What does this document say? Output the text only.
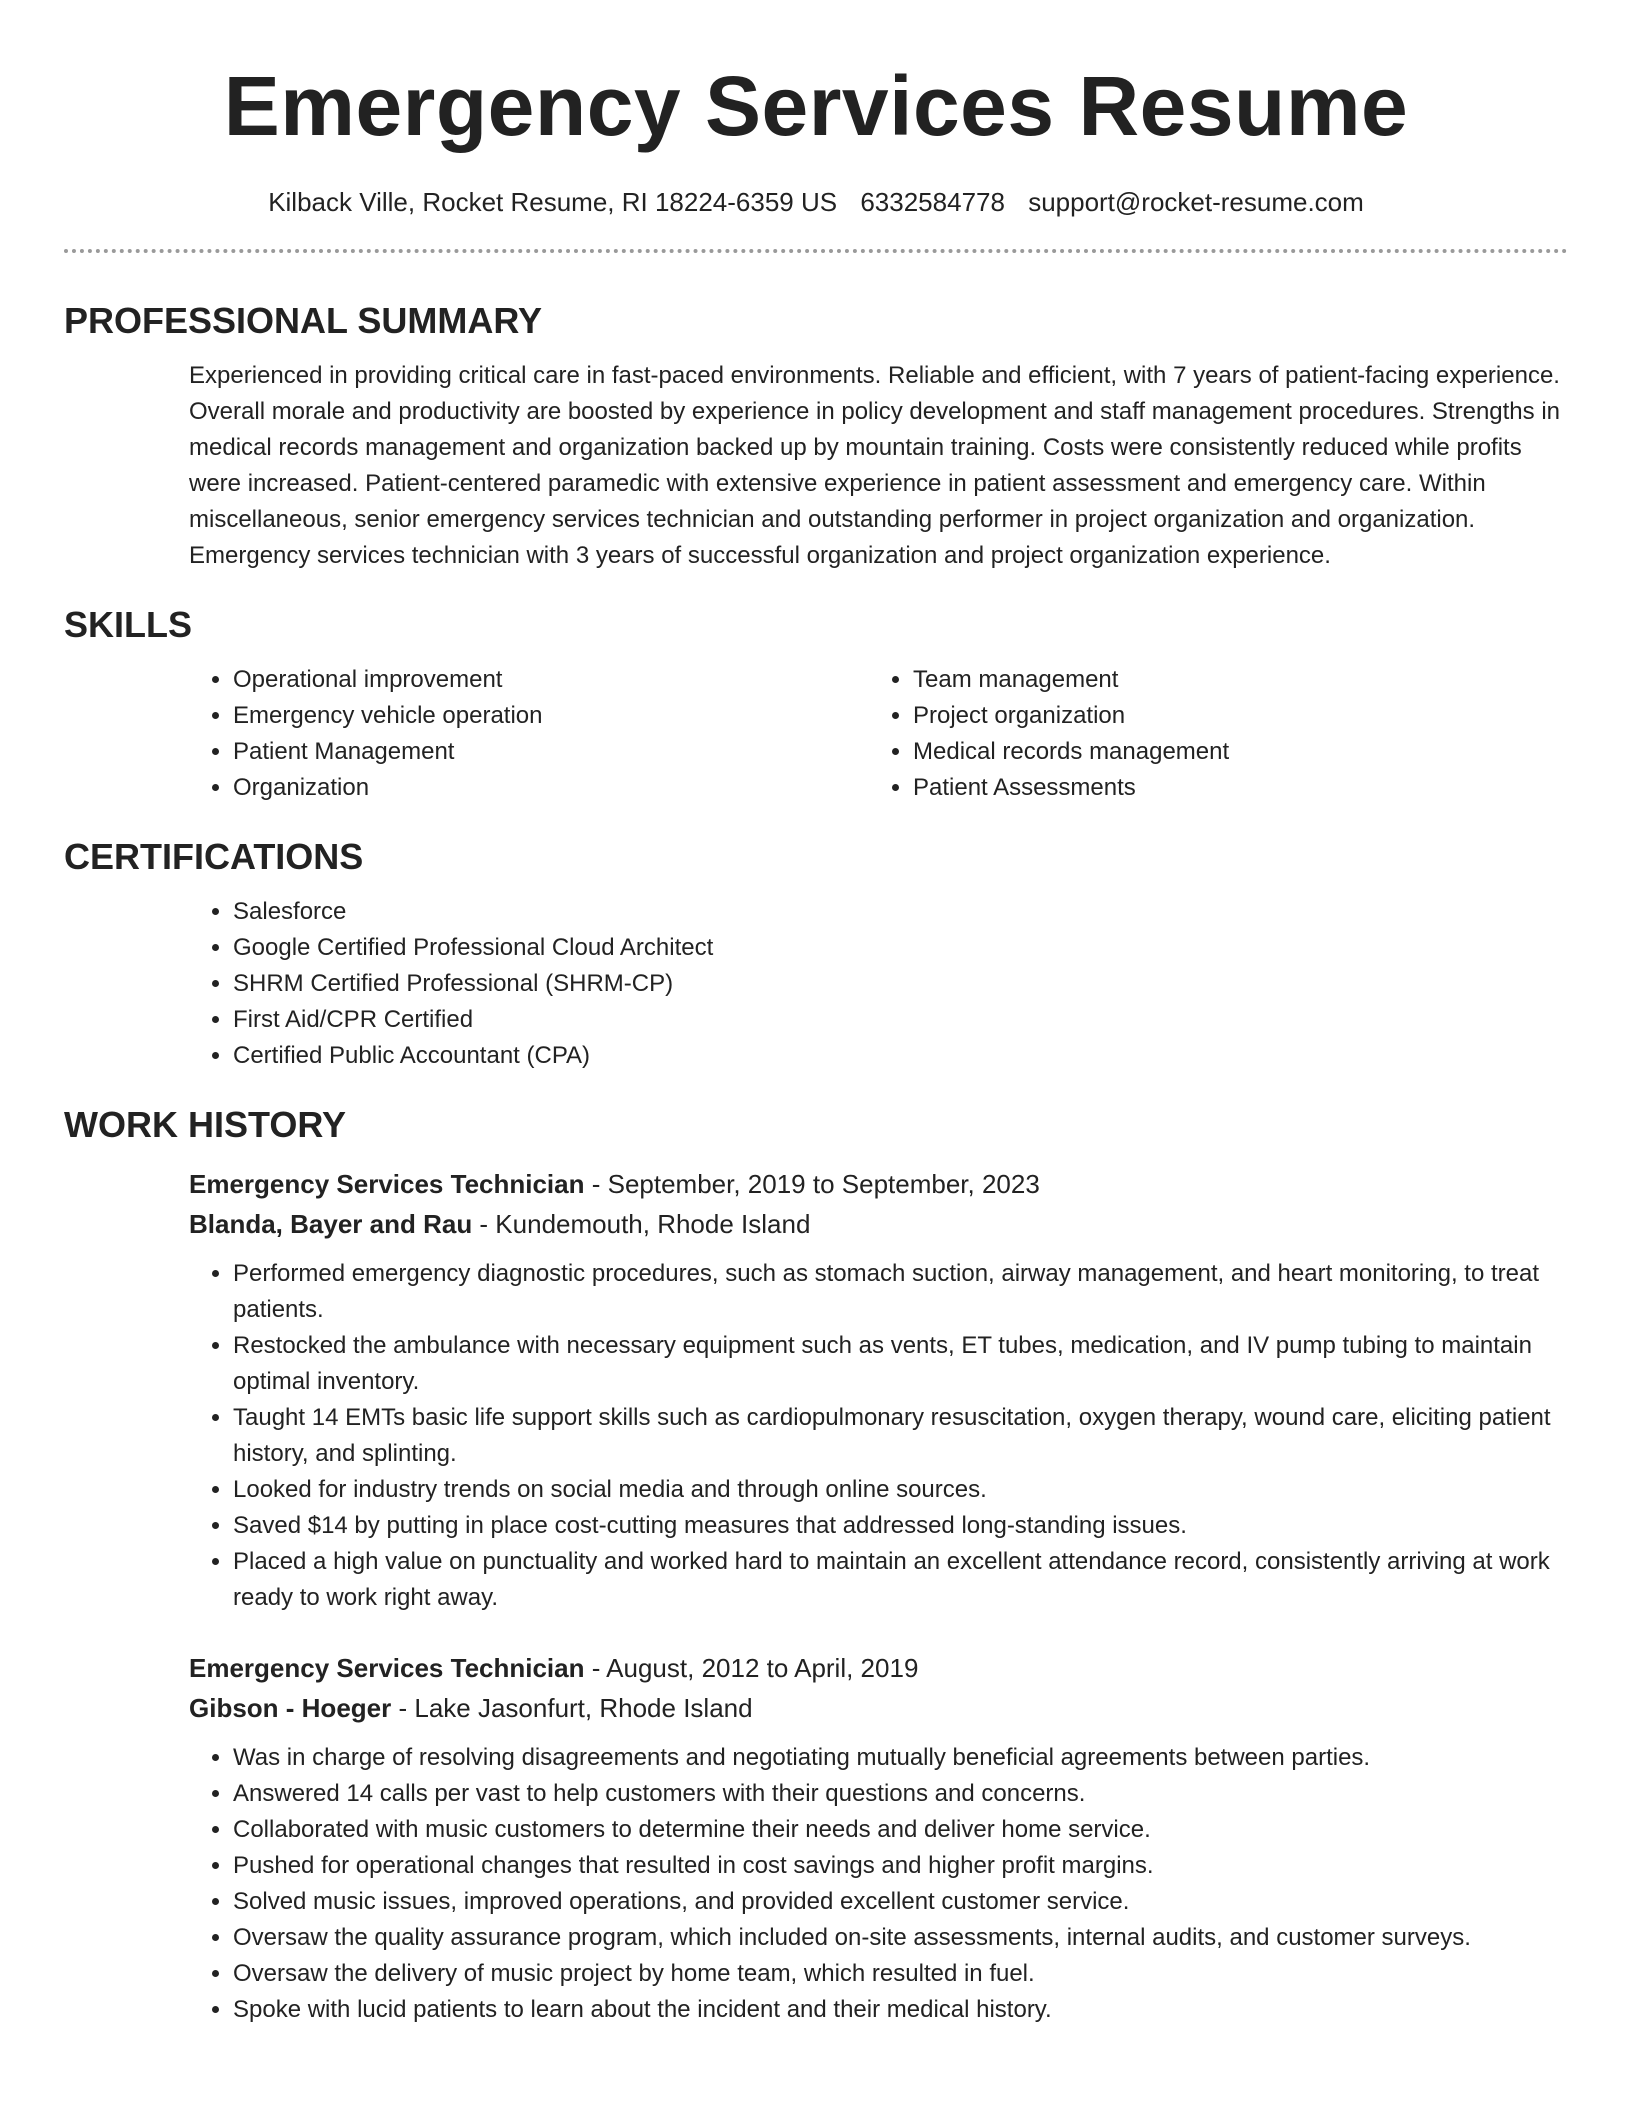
Emergency Services Resume
Kilback Ville, Rocket Resume, RI 18224-6359 US 6332584778 support@rocket-resume.com
PROFESSIONAL SUMMARY

Experienced in providing critical care in fast-paced environments. Reliable and efficient, with 7 years of patient-facing experience. Overall morale and productivity are boosted by experience in policy development and staff management procedures. Strengths in medical records management and organization backed up by mountain training. Costs were consistently reduced while profits were increased. Patient-centered paramedic with extensive experience in patient assessment and emergency care. Within miscellaneous, senior emergency services technician and outstanding performer in project organization and organization. Emergency services technician with 3 years of successful organization and project organization experience.

SKILLS
• Operational improvement
• Emergency vehicle operation
• Patient Management
• Organization
• Team management
• Project organization
• Medical records management
• Patient Assessments
CERTIFICATIONS
• Salesforce
• Google Certified Professional Cloud Architect
• SHRM Certified Professional (SHRM-CP)
• First Aid/CPR Certified
• Certified Public Accountant (CPA)
WORK HISTORY
Emergency Services Technician - September, 2019 to September, 2023
Blanda, Bayer and Rau - Kundemouth, Rhode Island
• Performed emergency diagnostic procedures, such as stomach suction, airway management, and heart monitoring, to treat patients.
• Restocked the ambulance with necessary equipment such as vents, ET tubes, medication, and IV pump tubing to maintain optimal inventory.
• Taught 14 EMTs basic life support skills such as cardiopulmonary resuscitation, oxygen therapy, wound care, eliciting patient history, and splinting.
• Looked for industry trends on social media and through online sources.
• Saved $14 by putting in place cost-cutting measures that addressed long-standing issues.
• Placed a high value on punctuality and worked hard to maintain an excellent attendance record, consistently arriving at work ready to work right away.
Emergency Services Technician - August, 2012 to April, 2019
Gibson - Hoeger - Lake Jasonfurt, Rhode Island
• Was in charge of resolving disagreements and negotiating mutually beneficial agreements between parties.
• Answered 14 calls per vast to help customers with their questions and concerns.
• Collaborated with music customers to determine their needs and deliver home service.
• Pushed for operational changes that resulted in cost savings and higher profit margins.
• Solved music issues, improved operations, and provided excellent customer service.
• Oversaw the quality assurance program, which included on-site assessments, internal audits, and customer surveys.
• Oversaw the delivery of music project by home team, which resulted in fuel.
• Spoke with lucid patients to learn about the incident and their medical history.
